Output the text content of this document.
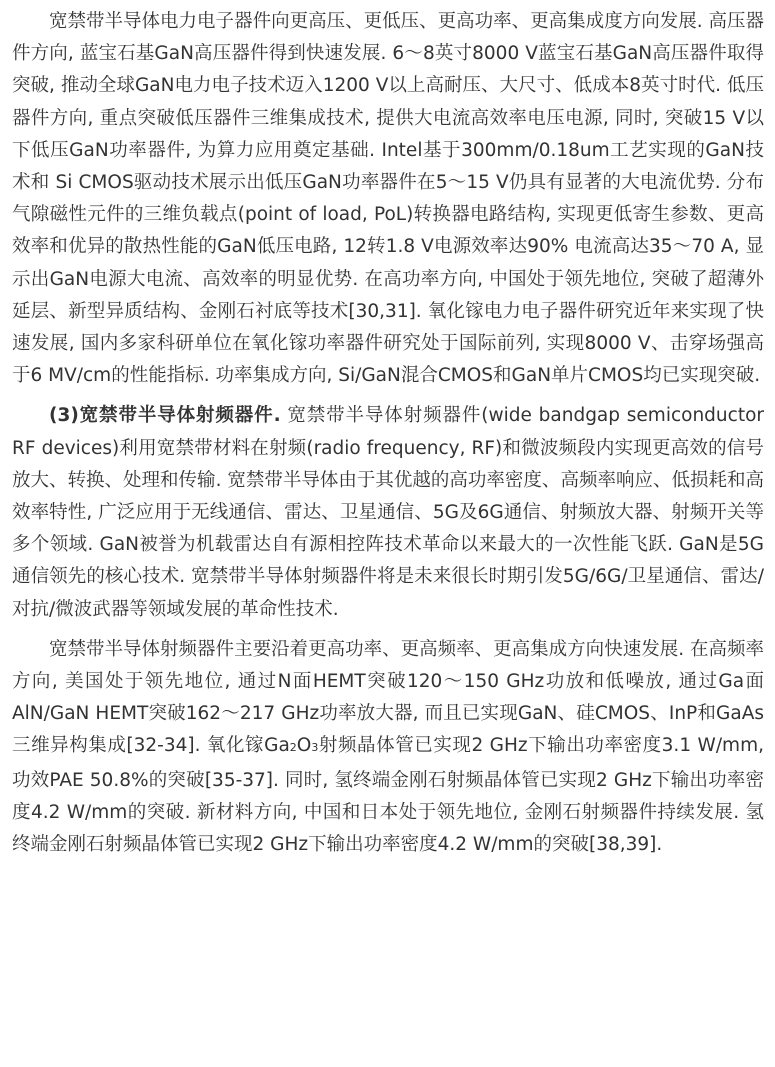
宽禁带半导体电力电子器件向更高压、更低压、更高功率、更高集成度方向发展. 高压器件方向, 蓝宝石基GaN高压器件得到快速发展. 6～8英寸8000 V蓝宝石基GaN高压器件取得突破, 推动全球GaN电力电子技术迈入1200 V以上高耐压、大尺寸、低成本8英寸时代. 低压器件方向, 重点突破低压器件三维集成技术, 提供大电流高效率电压电源, 同时, 突破15 V以下低压GaN功率器件, 为算力应用奠定基础. Intel基于300mm/0.18um工艺实现的GaN技术和 Si CMOS驱动技术展示出低压GaN功率器件在5～15 V仍具有显著的大电流优势. 分布气隙磁性元件的三维负载点(point of load, PoL)转换器电路结构, 实现更低寄生参数、更高效率和优异的散热性能的GaN低压电路, 12转1.8 V电源效率达90% 电流高达35～70 A, 显示出GaN电源大电流、高效率的明显优势. 在高功率方向, 中国处于领先地位, 突破了超薄外延层、新型异质结构、金刚石衬底等技术[30,31]. 氧化镓电力电子器件研究近年来实现了快速发展, 国内多家科研单位在氧化镓功率器件研究处于国际前列, 实现8000 V、击穿场强高于6 MV/cm的性能指标. 功率集成方向, Si/GaN混合CMOS和GaN单片CMOS均已实现突破.

(3)宽禁带半导体射频器件. 宽禁带半导体射频器件(wide bandgap semiconductor RF devices)利用宽禁带材料在射频(radio frequency, RF)和微波频段内实现更高效的信号放大、转换、处理和传输. 宽禁带半导体由于其优越的高功率密度、高频率响应、低损耗和高效率特性, 广泛应用于无线通信、雷达、卫星通信、5G及6G通信、射频放大器、射频开关等多个领域. GaN被誉为机载雷达自有源相控阵技术革命以来最大的一次性能飞跃. GaN是5G通信领先的核心技术. 宽禁带半导体射频器件将是未来很长时期引发5G/6G/卫星通信、雷达/对抗/微波武器等领域发展的革命性技术.

宽禁带半导体射频器件主要沿着更高功率、更高频率、更高集成方向快速发展. 在高频率方向, 美国处于领先地位, 通过N面HEMT突破120～150 GHz功放和低噪放, 通过Ga面AlN/GaN HEMT突破162～217 GHz功率放大器, 而且已实现GaN、硅CMOS、InP和GaAs三维异构集成[32-34]. 氧化镓Ga2O3射频晶体管已实现2 GHz下输出功率密度3.1 W/mm, 功效PAE 50.8%的突破[35-37]. 同时, 氢终端金刚石射频晶体管已实现2 GHz下输出功率密度4.2 W/mm的突破. 新材料方向, 中国和日本处于领先地位, 金刚石射频器件持续发展. 氢终端金刚石射频晶体管已实现2 GHz下输出功率密度4.2 W/mm的突破[38,39].
